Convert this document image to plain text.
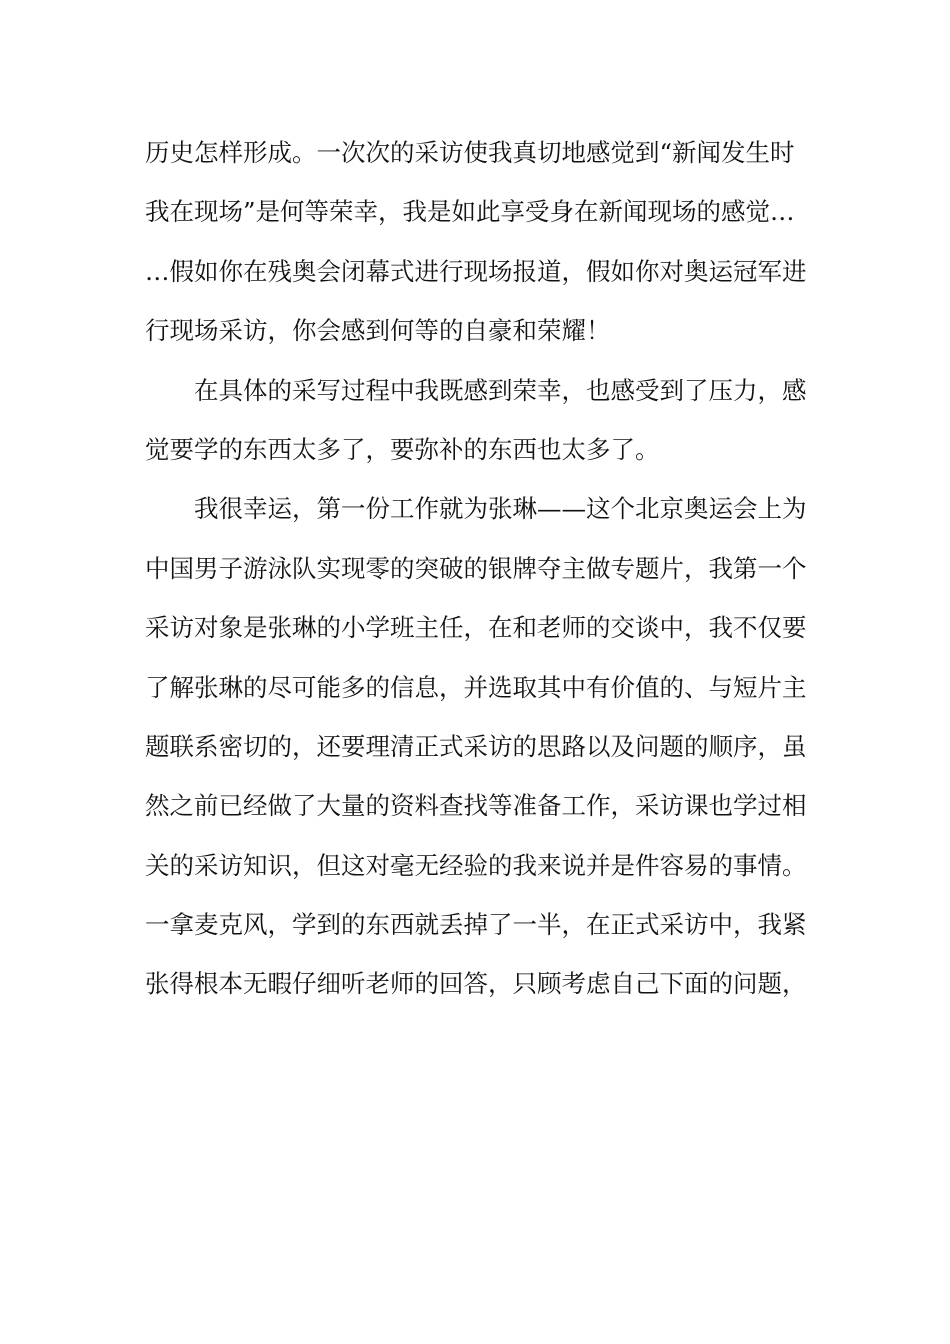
历史怎样形成。一次次的采访使我真切地感觉到“新闻发生时
我在现场”是何等荣幸，我是如此享受身在新闻现场的感觉…
…假如你在残奥会闭幕式进行现场报道，假如你对奥运冠军进
行现场采访，你会感到何等的自豪和荣耀！
在具体的采写过程中我既感到荣幸，也感受到了压力，感
觉要学的东西太多了，要弥补的东西也太多了。
我很幸运，第一份工作就为张琳——这个北京奥运会上为
中国男子游泳队实现零的突破的银牌夺主做专题片，我第一个
采访对象是张琳的小学班主任，在和老师的交谈中，我不仅要
了解张琳的尽可能多的信息，并选取其中有价值的、与短片主
题联系密切的，还要理清正式采访的思路以及问题的顺序，虽
然之前已经做了大量的资料查找等准备工作，采访课也学过相
关的采访知识，但这对毫无经验的我来说并是件容易的事情。
一拿麦克风，学到的东西就丢掉了一半，在正式采访中，我紧
张得根本无暇仔细听老师的回答，只顾考虑自己下面的问题，
